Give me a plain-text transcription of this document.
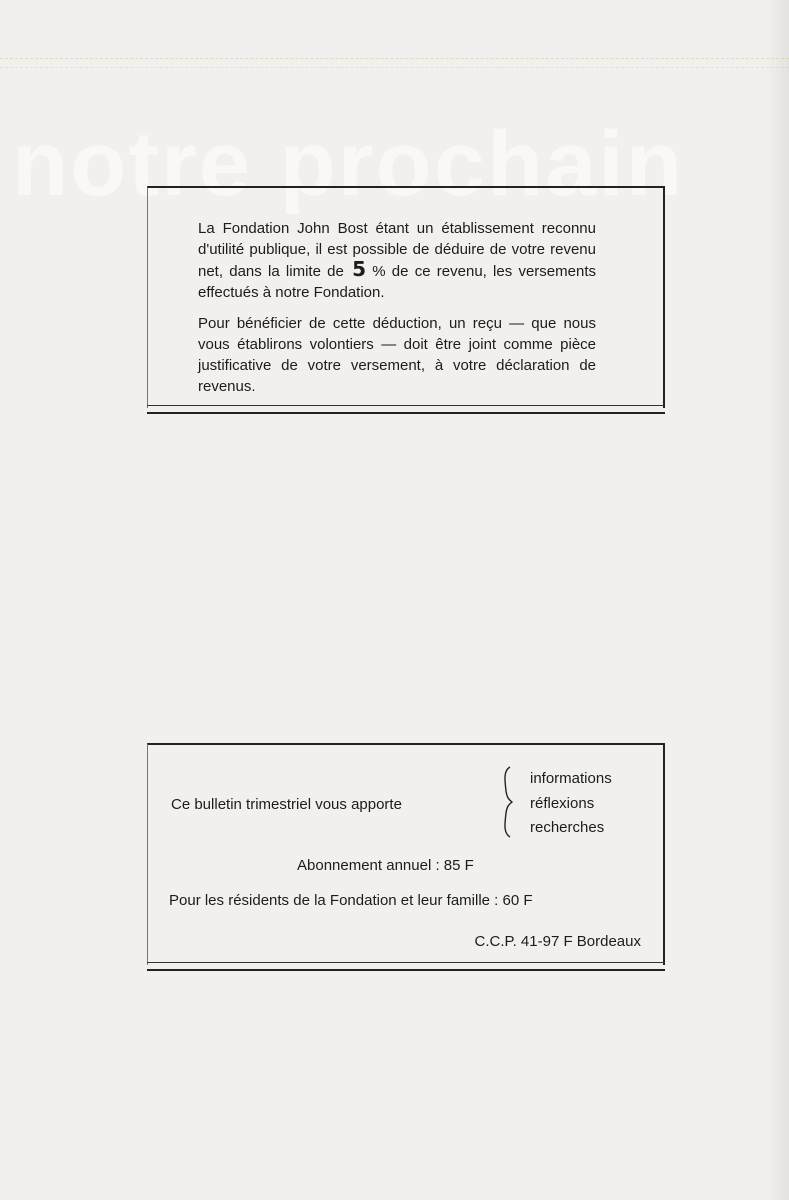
notre prochain

La Fondation John Bost étant un établissement reconnu d'utilité publique, il est possible de déduire de votre revenu net, dans la limite de 5 % de ce revenu, les versements effectués à notre Fondation.

Pour bénéficier de cette déduction, un reçu — que nous vous établirons volontiers — doit être joint comme pièce justificative de votre versement, à votre déclaration de revenus.

Ce bulletin trimestriel vous apporte
informations
réflexions
recherches
Abonnement annuel : 85 F
Pour les résidents de la Fondation et leur famille : 60 F
C.C.P. 41-97 F Bordeaux
